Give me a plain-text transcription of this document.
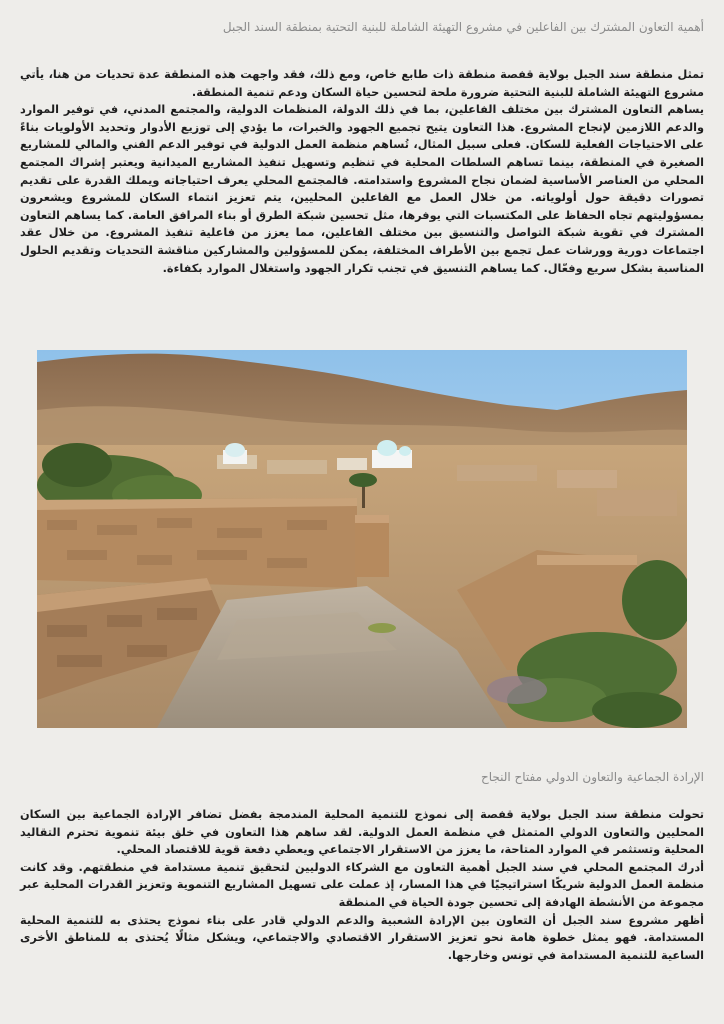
أهمية التعاون المشترك بين الفاعلين في مشروع التهيئة الشاملة للبنية التحتية بمنطقة السند الجبل

تمثل منطقة سند الجبل بولاية قفصة منطقة ذات طابع خاص، ومع ذلك، فقد واجهت هذه المنطقة عدة تحديات من هنا، يأتي مشروع التهيئة الشاملة للبنية التحتية ضرورة ملحة لتحسين حياة السكان ودعم تنمية المنطقة.

يساهم التعاون المشترك بين مختلف الفاعلين، بما في ذلك الدولة، المنظمات الدولية، والمجتمع المدني، في توفير الموارد والدعم اللازمين لإنجاح المشروع. هذا التعاون يتيح تجميع الجهود والخبرات، ما يؤدي إلى توزيع الأدوار وتحديد الأولويات بناءً على الاحتياجات الفعلية للسكان. فعلى سبيل المثال، تُساهم منظمة العمل الدولية في توفير الدعم الفني والمالي للمشاريع الصغيرة في المنطقة، بينما تساهم السلطات المحلية في تنظيم وتسهيل تنفيذ المشاريع الميدانية ويعتبر إشراك المجتمع المحلي من العناصر الأساسية لضمان نجاح المشروع واستدامته. فالمجتمع المحلي يعرف احتياجاته ويملك القدرة على تقديم تصورات دقيقة حول أولوياته. من خلال العمل مع الفاعلين المحليين، يتم تعزيز انتماء السكان للمشروع ويشعرون بمسؤوليتهم تجاه الحفاظ على المكتسبات التي يوفرها، مثل تحسين شبكة الطرق أو بناء المرافق العامة. كما يساهم التعاون المشترك في تقوية شبكة التواصل والتنسيق بين مختلف الفاعلين، مما يعزز من فاعلية تنفيذ المشروع. من خلال عقد اجتماعات دورية وورشات عمل تجمع بين الأطراف المختلفة، يمكن للمسؤولين والمشاركين مناقشة التحديات وتقديم الحلول المناسبة بشكل سريع وفعّال. كما يساهم التنسيق في تجنب تكرار الجهود واستغلال الموارد بكفاءة.

الإرادة الجماعية والتعاون الدولي مفتاح النجاح

تحولت منطقة سند الجبل بولاية قفصة إلى نموذج للتنمية المحلية المندمجة بفضل تضافر الإرادة الجماعية بين السكان المحليين والتعاون الدولي المتمثل في منظمة العمل الدولية. لقد ساهم هذا التعاون في خلق بيئة تنموية تحترم التقاليد المحلية وتستثمر في الموارد المتاحة، ما يعزز من الاستقرار الاجتماعي ويعطي دفعة قوية للاقتصاد المحلي.

أدرك المجتمع المحلي في سند الجبل أهمية التعاون مع الشركاء الدوليين لتحقيق تنمية مستدامة في منطقتهم. وقد كانت منظمة العمل الدولية شريكًا استراتيجيًا في هذا المسار، إذ عملت على تسهيل المشاريع التنموية وتعزيز القدرات المحلية عبر مجموعة من الأنشطة الهادفة إلى تحسين جودة الحياة في المنطقة

أظهر مشروع سند الجبل أن التعاون بين الإرادة الشعبية والدعم الدولي قادر على بناء نموذج يحتذى به للتنمية المحلية المستدامة. فهو يمثل خطوة هامة نحو تعزيز الاستقرار الاقتصادي والاجتماعي، ويشكل مثالًا يُحتذى به للمناطق الأخرى الساعية للتنمية المستدامة في تونس وخارجها.
